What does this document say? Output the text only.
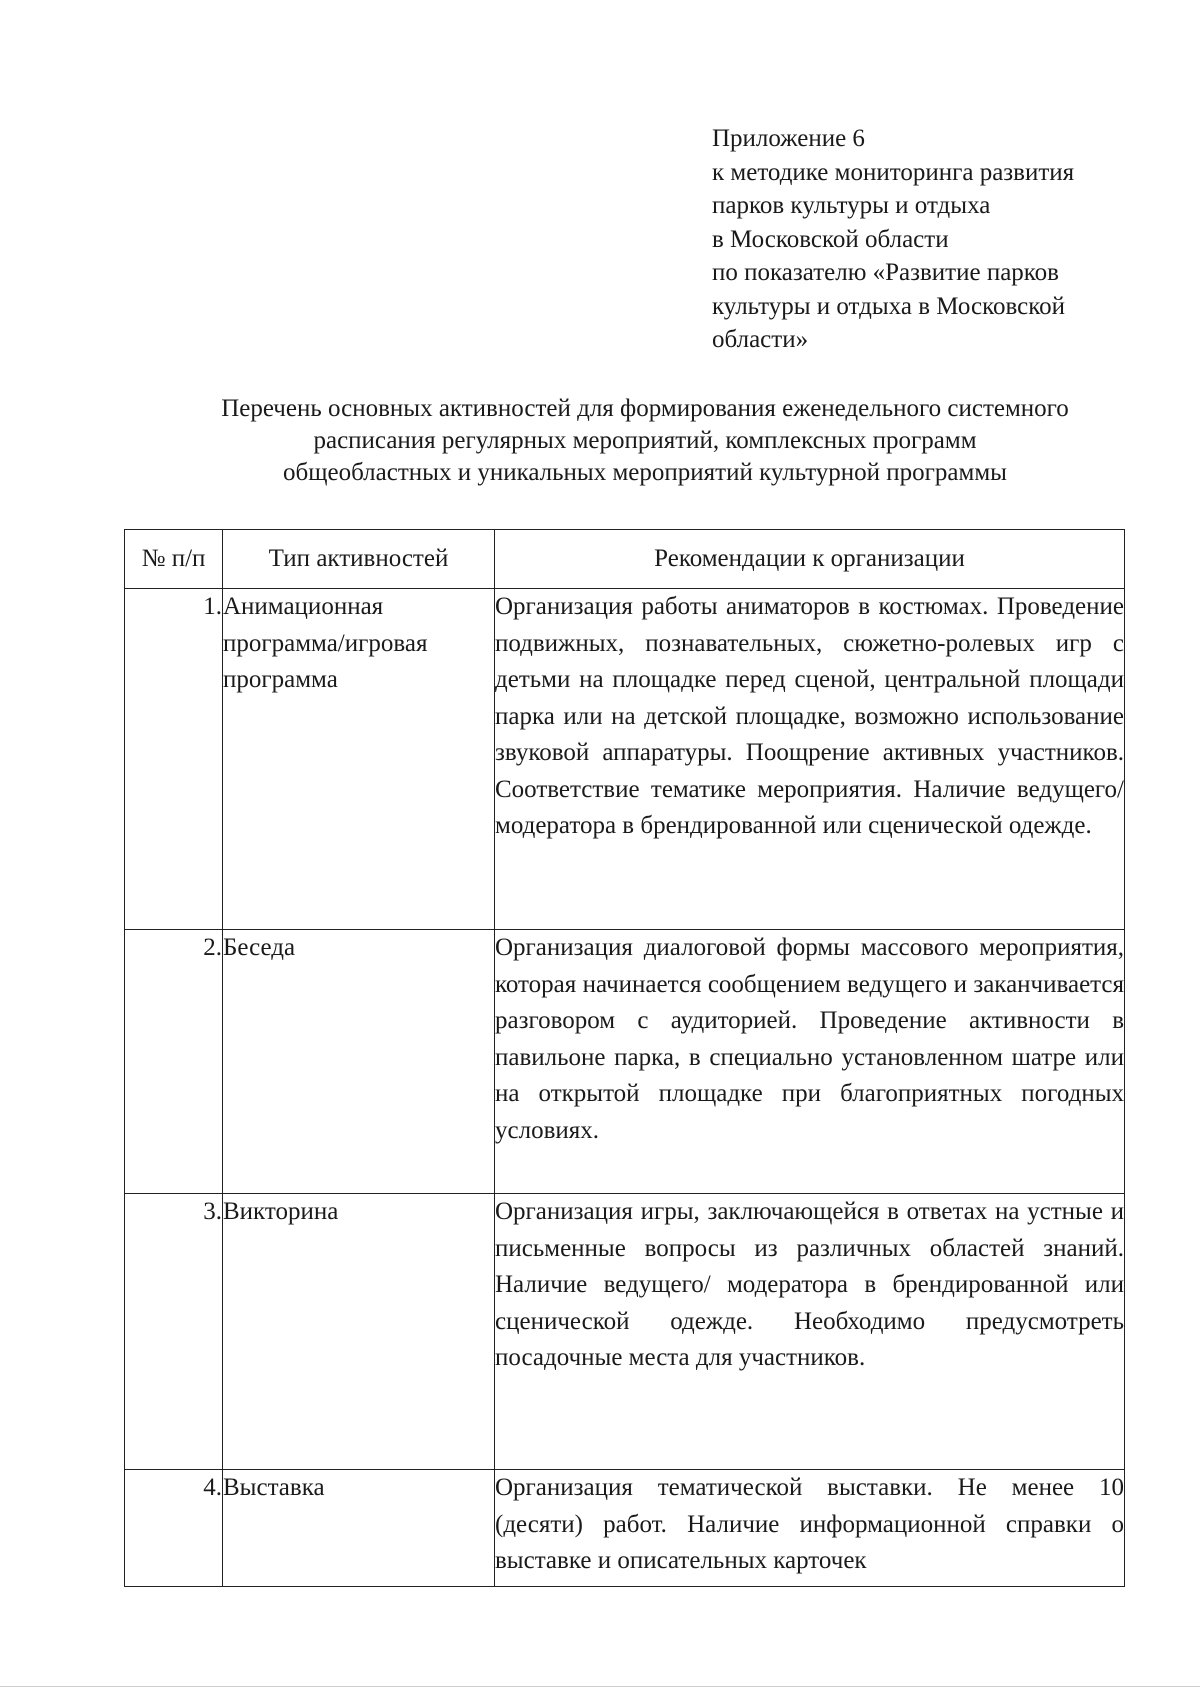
Приложение 6
к методике мониторинга развития
парков культуры и отдыха
в Московской области
по показателю «Развитие парков
культуры и отдыха в Московской
области»
Перечень основных активностей для формирования еженедельного системного
расписания регулярных мероприятий, комплексных программ
общеобластных и уникальных мероприятий культурной программы
№ п/п	Тип активностей	Рекомендации к организации
1.	Анимационная программа/игровая программа	Организация работы аниматоров в костюмах. Проведение подвижных, познавательных, сюжетно-ролевых игр с детьми на площадке перед сценой, центральной площади парка или на детской площадке, возможно использование звуковой аппаратуры. Поощрение активных участников. Соответствие тематике мероприятия. Наличие ведущего/модератора в брендированной или сценической одежде.
2.	Беседа	Организация диалоговой формы массового мероприятия, которая начинается сообщением ведущего и заканчивается разговором с аудиторией. Проведение активности в павильоне парка, в специально установленном шатре или на открытой площадке при благоприятных погодных условиях.
3.	Викторина	Организация игры, заключающейся в ответах на устные и письменные вопросы из различных областей знаний. Наличие ведущего/ модератора в брендированной или сценической одежде. Необходимо предусмотреть посадочные места для участников.
4.	Выставка	Организация тематической выставки. Не менее 10 (десяти) работ. Наличие информационной справки о выставке и описательных карточек
